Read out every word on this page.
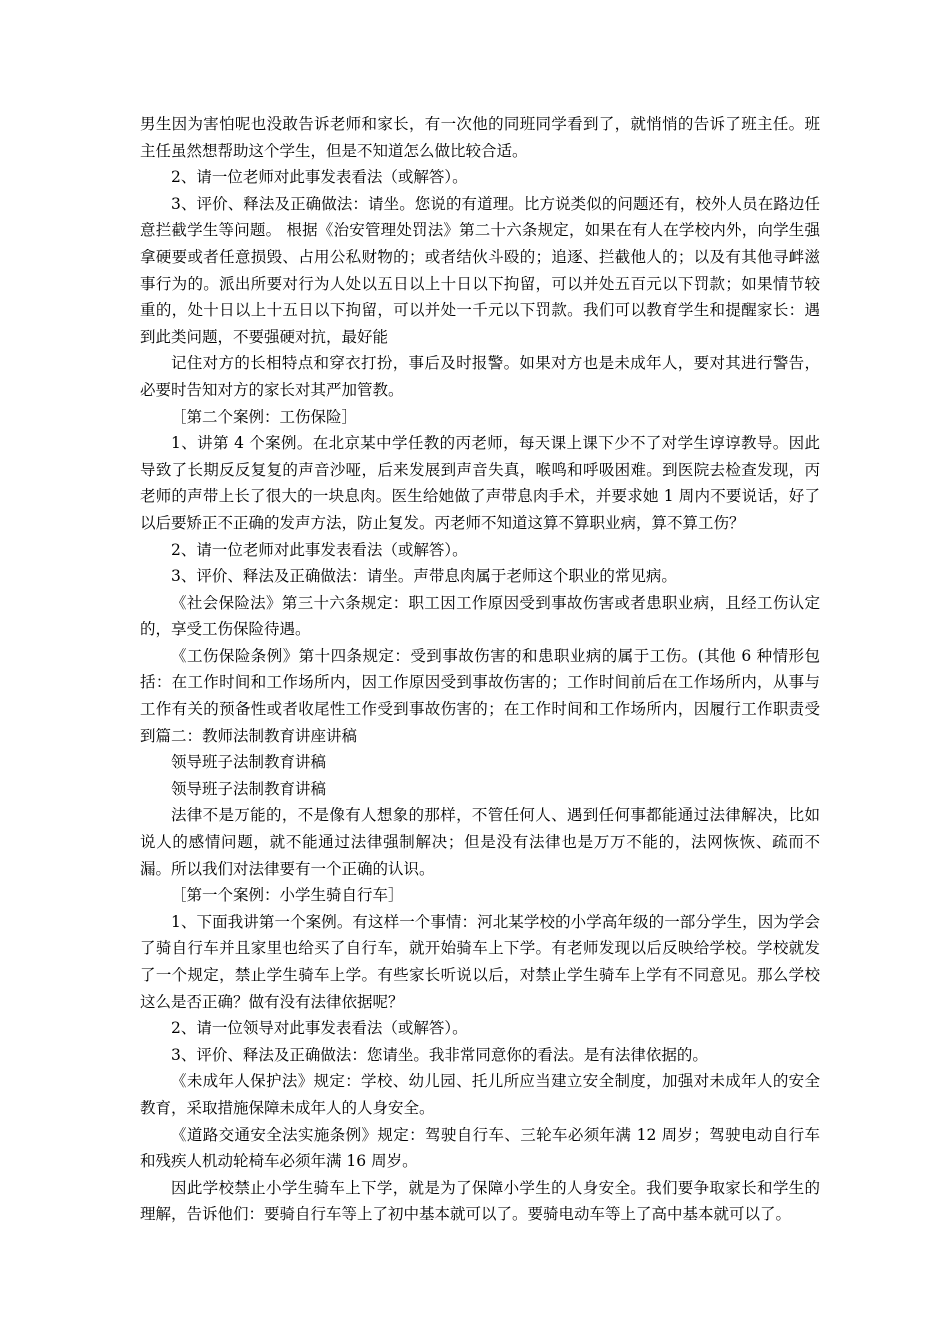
男生因为害怕呢也没敢告诉老师和家长，有一次他的同班同学看到了，就悄悄的告诉了班主任。班主任虽然想帮助这个学生，但是不知道怎么做比较合适。

2、请一位老师对此事发表看法（或解答）。

3、评价、释法及正确做法：请坐。您说的有道理。比方说类似的问题还有，校外人员在路边任意拦截学生等问题。 根据《治安管理处罚法》第二十六条规定，如果在有人在学校内外，向学生强拿硬要或者任意损毁、占用公私财物的；或者结伙斗殴的；追逐、拦截他人的；以及有其他寻衅滋事行为的。派出所要对行为人处以五日以上十日以下拘留，可以并处五百元以下罚款；如果情节较重的，处十日以上十五日以下拘留，可以并处一千元以下罚款。我们可以教育学生和提醒家长：遇到此类问题，不要强硬对抗，最好能

记住对方的长相特点和穿衣打扮，事后及时报警。如果对方也是未成年人，要对其进行警告，必要时告知对方的家长对其严加管教。

［第二个案例：工伤保险］

1、讲第 4 个案例。在北京某中学任教的丙老师，每天课上课下少不了对学生谆谆教导。因此导致了长期反反复复的声音沙哑，后来发展到声音失真，喉鸣和呼吸困难。到医院去检查发现，丙老师的声带上长了很大的一块息肉。医生给她做了声带息肉手术，并要求她 1 周内不要说话，好了以后要矫正不正确的发声方法，防止复发。丙老师不知道这算不算职业病，算不算工伤？

2、请一位老师对此事发表看法（或解答）。

3、评价、释法及正确做法：请坐。声带息肉属于老师这个职业的常见病。

《社会保险法》第三十六条规定：职工因工作原因受到事故伤害或者患职业病，且经工伤认定的，享受工伤保险待遇。

《工伤保险条例》第十四条规定：受到事故伤害的和患职业病的属于工伤。(其他 6 种情形包括：在工作时间和工作场所内，因工作原因受到事故伤害的；工作时间前后在工作场所内，从事与工作有关的预备性或者收尾性工作受到事故伤害的；在工作时间和工作场所内，因履行工作职责受到篇二：教师法制教育讲座讲稿

领导班子法制教育讲稿

领导班子法制教育讲稿

法律不是万能的，不是像有人想象的那样，不管任何人、遇到任何事都能通过法律解决，比如说人的感情问题，就不能通过法律强制解决；但是没有法律也是万万不能的，法网恢恢、疏而不漏。所以我们对法律要有一个正确的认识。

［第一个案例：小学生骑自行车］

1、下面我讲第一个案例。有这样一个事情：河北某学校的小学高年级的一部分学生，因为学会了骑自行车并且家里也给买了自行车，就开始骑车上下学。有老师发现以后反映给学校。学校就发了一个规定，禁止学生骑车上学。有些家长听说以后，对禁止学生骑车上学有不同意见。那么学校这么是否正确？做有没有法律依据呢？

2、请一位领导对此事发表看法（或解答）。

3、评价、释法及正确做法：您请坐。我非常同意你的看法。是有法律依据的。

《未成年人保护法》规定：学校、幼儿园、托儿所应当建立安全制度，加强对未成年人的安全教育，采取措施保障未成年人的人身安全。

《道路交通安全法实施条例》规定：驾驶自行车、三轮车必须年满 12 周岁；驾驶电动自行车和残疾人机动轮椅车必须年满 16 周岁。

因此学校禁止小学生骑车上下学，就是为了保障小学生的人身安全。我们要争取家长和学生的理解，告诉他们：要骑自行车等上了初中基本就可以了。要骑电动车等上了高中基本就可以了。
